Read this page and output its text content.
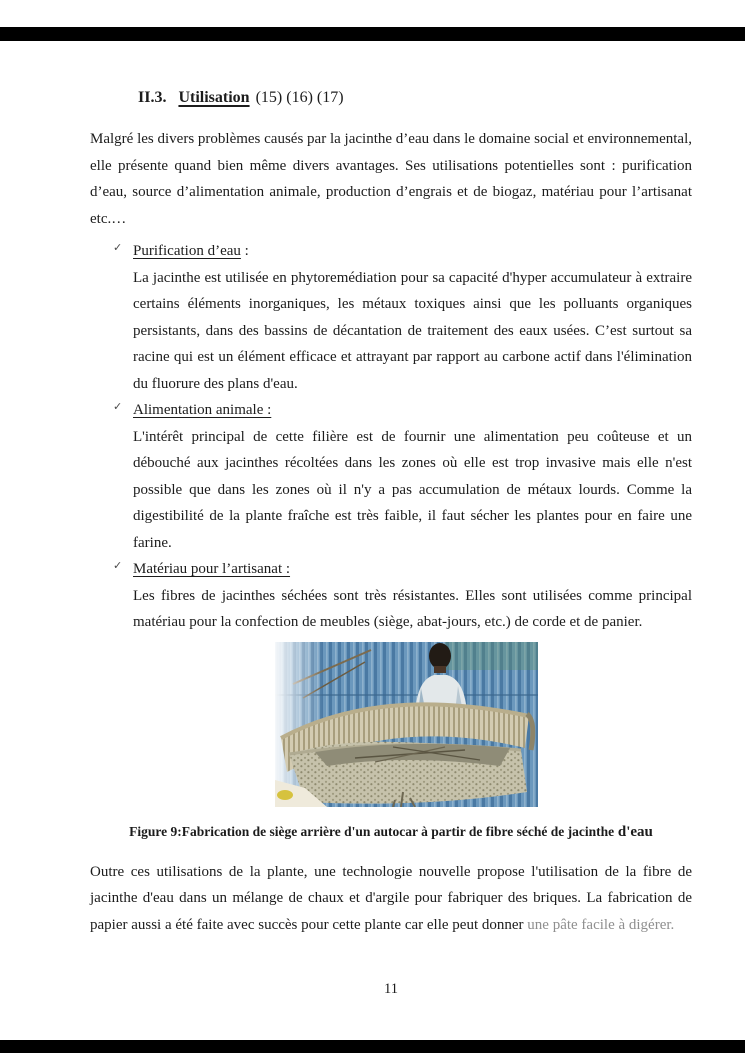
II.3. Utilisation (15) (16) (17)

Malgré les divers problèmes causés par la jacinthe d’eau dans le domaine social et environnemental, elle présente quand bien même divers avantages. Ses utilisations potentielles sont : purification d’eau, source d’alimentation animale, production d’engrais et de biogaz, matériau pour l’artisanat etc.…

✓ Purification d’eau :
La jacinthe est utilisée en phytoremédiation pour sa capacité d'hyper accumulateur à extraire certains éléments inorganiques, les métaux toxiques ainsi que les polluants organiques persistants, dans des bassins de décantation de traitement des eaux usées. C’est surtout sa racine qui est un élément efficace et attrayant par rapport au carbone actif dans l'élimination du fluorure des plans d'eau.
✓ Alimentation animale :
L'intérêt principal de cette filière est de fournir une alimentation peu coûteuse et un débouché aux jacinthes récoltées dans les zones où elle est trop invasive mais elle n'est possible que dans les zones où il n'y a pas accumulation de métaux lourds. Comme la digestibilité de la plante fraîche est très faible, il faut sécher les plantes pour en faire une farine.
✓ Matériau pour l’artisanat :
Les fibres de jacinthes séchées sont très résistantes. Elles sont utilisées comme principal matériau pour la confection de meubles (siège, abat-jours, etc.) de corde et de panier.
Figure 9:Fabrication de siège arrière d'un autocar à partir de fibre séché de jacinthe d'eau

Outre ces utilisations de la plante, une technologie nouvelle propose l'utilisation de la fibre de jacinthe d'eau dans un mélange de chaux et d'argile pour fabriquer des briques. La fabrication de papier aussi a été faite avec succès pour cette plante car elle peut donner une pâte facile à digérer.

11
